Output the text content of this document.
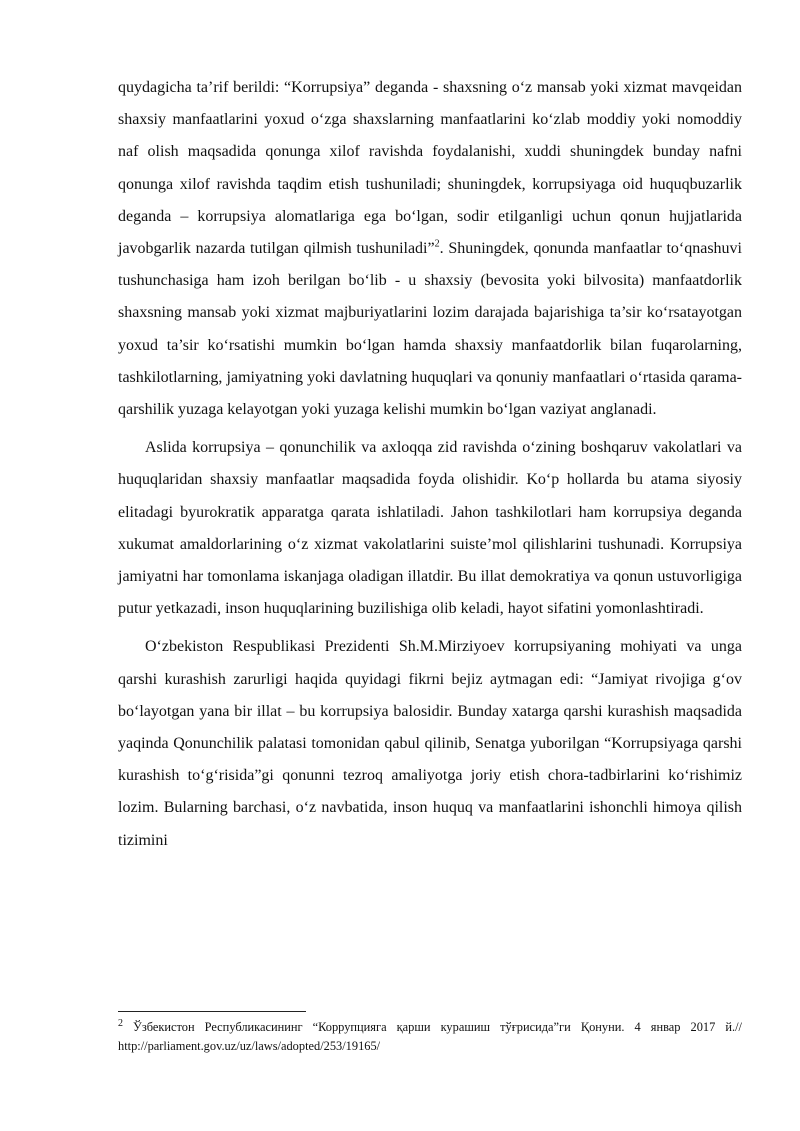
quydagicha ta’rif berildi: “Korrupsiya” deganda - shaxsning o‘z mansab yoki xizmat mavqeidan shaxsiy manfaatlarini yoxud o‘zga shaxslarning manfaatlarini ko‘zlab moddiy yoki nomoddiy naf olish maqsadida qonunga xilof ravishda foydalanishi, xuddi shuningdek bunday nafni qonunga xilof ravishda taqdim etish tushuniladi; shuningdek, korrupsiyaga oid huquqbuzarlik deganda – korrupsiya alomatlariga ega bo‘lgan, sodir etilganligi uchun qonun hujjatlarida javobgarlik nazarda tutilgan qilmish tushuniladi”$^2$. Shuningdek, qonunda manfaatlar to‘qnashuvi tushunchasiga ham izoh berilgan bo‘lib - u shaxsiy (bevosita yoki bilvosita) manfaatdorlik shaxsning mansab yoki xizmat majburiyatlarini lozim darajada bajarishiga ta’sir ko‘rsatayotgan yoxud ta’sir ko‘rsatishi mumkin bo‘lgan hamda shaxsiy manfaatdorlik bilan fuqarolarning, tashkilotlarning, jamiyatning yoki davlatning huquqlari va qonuniy manfaatlari o‘rtasida qarama-qarshilik yuzaga kelayotgan yoki yuzaga kelishi mumkin bo‘lgan vaziyat anglanadi.

Aslida korrupsiya – qonunchilik va axloqqa zid ravishda o‘zining boshqaruv vakolatlari va huquqlaridan shaxsiy manfaatlar maqsadida foyda olishidir. Ko‘p hollarda bu atama siyosiy elitadagi byurokratik apparatga qarata ishlatiladi. Jahon tashkilotlari ham korrupsiya deganda xukumat amaldorlarining o‘z xizmat vakolatlarini suiste’mol qilishlarini tushunadi. Korrupsiya jamiyatni har tomonlama iskanjaga oladigan illatdir. Bu illat demokratiya va qonun ustuvorligiga putur yetkazadi, inson huquqlarining buzilishiga olib keladi, hayot sifatini yomonlashtiradi.

O‘zbekiston Respublikasi Prezidenti Sh.M.Mirziyoev korrupsiyaning mohiyati va unga qarshi kurashish zarurligi haqida quyidagi fikrni bejiz aytmagan edi: “Jamiyat rivojiga g‘ov bo‘layotgan yana bir illat – bu korrupsiya balosidir. Bunday xatarga qarshi kurashish maqsadida yaqinda Qonunchilik palatasi tomonidan qabul qilinib, Senatga yuborilgan “Korrupsiyaga qarshi kurashish to‘g‘risida”gi qonunni tezroq amaliyotga joriy etish chora-tadbirlarini ko‘rishimiz lozim. Bularning barchasi, o‘z navbatida, inson huquq va manfaatlarini ishonchli himoya qilish tizimini

$^2$ Ўзбекистон Республикасининг “Коррупцияга қарши курашиш тўғрисида”ги Қонуни. 4 январ 2017 й.// http://parliament.gov.uz/uz/laws/adopted/253/19165/
